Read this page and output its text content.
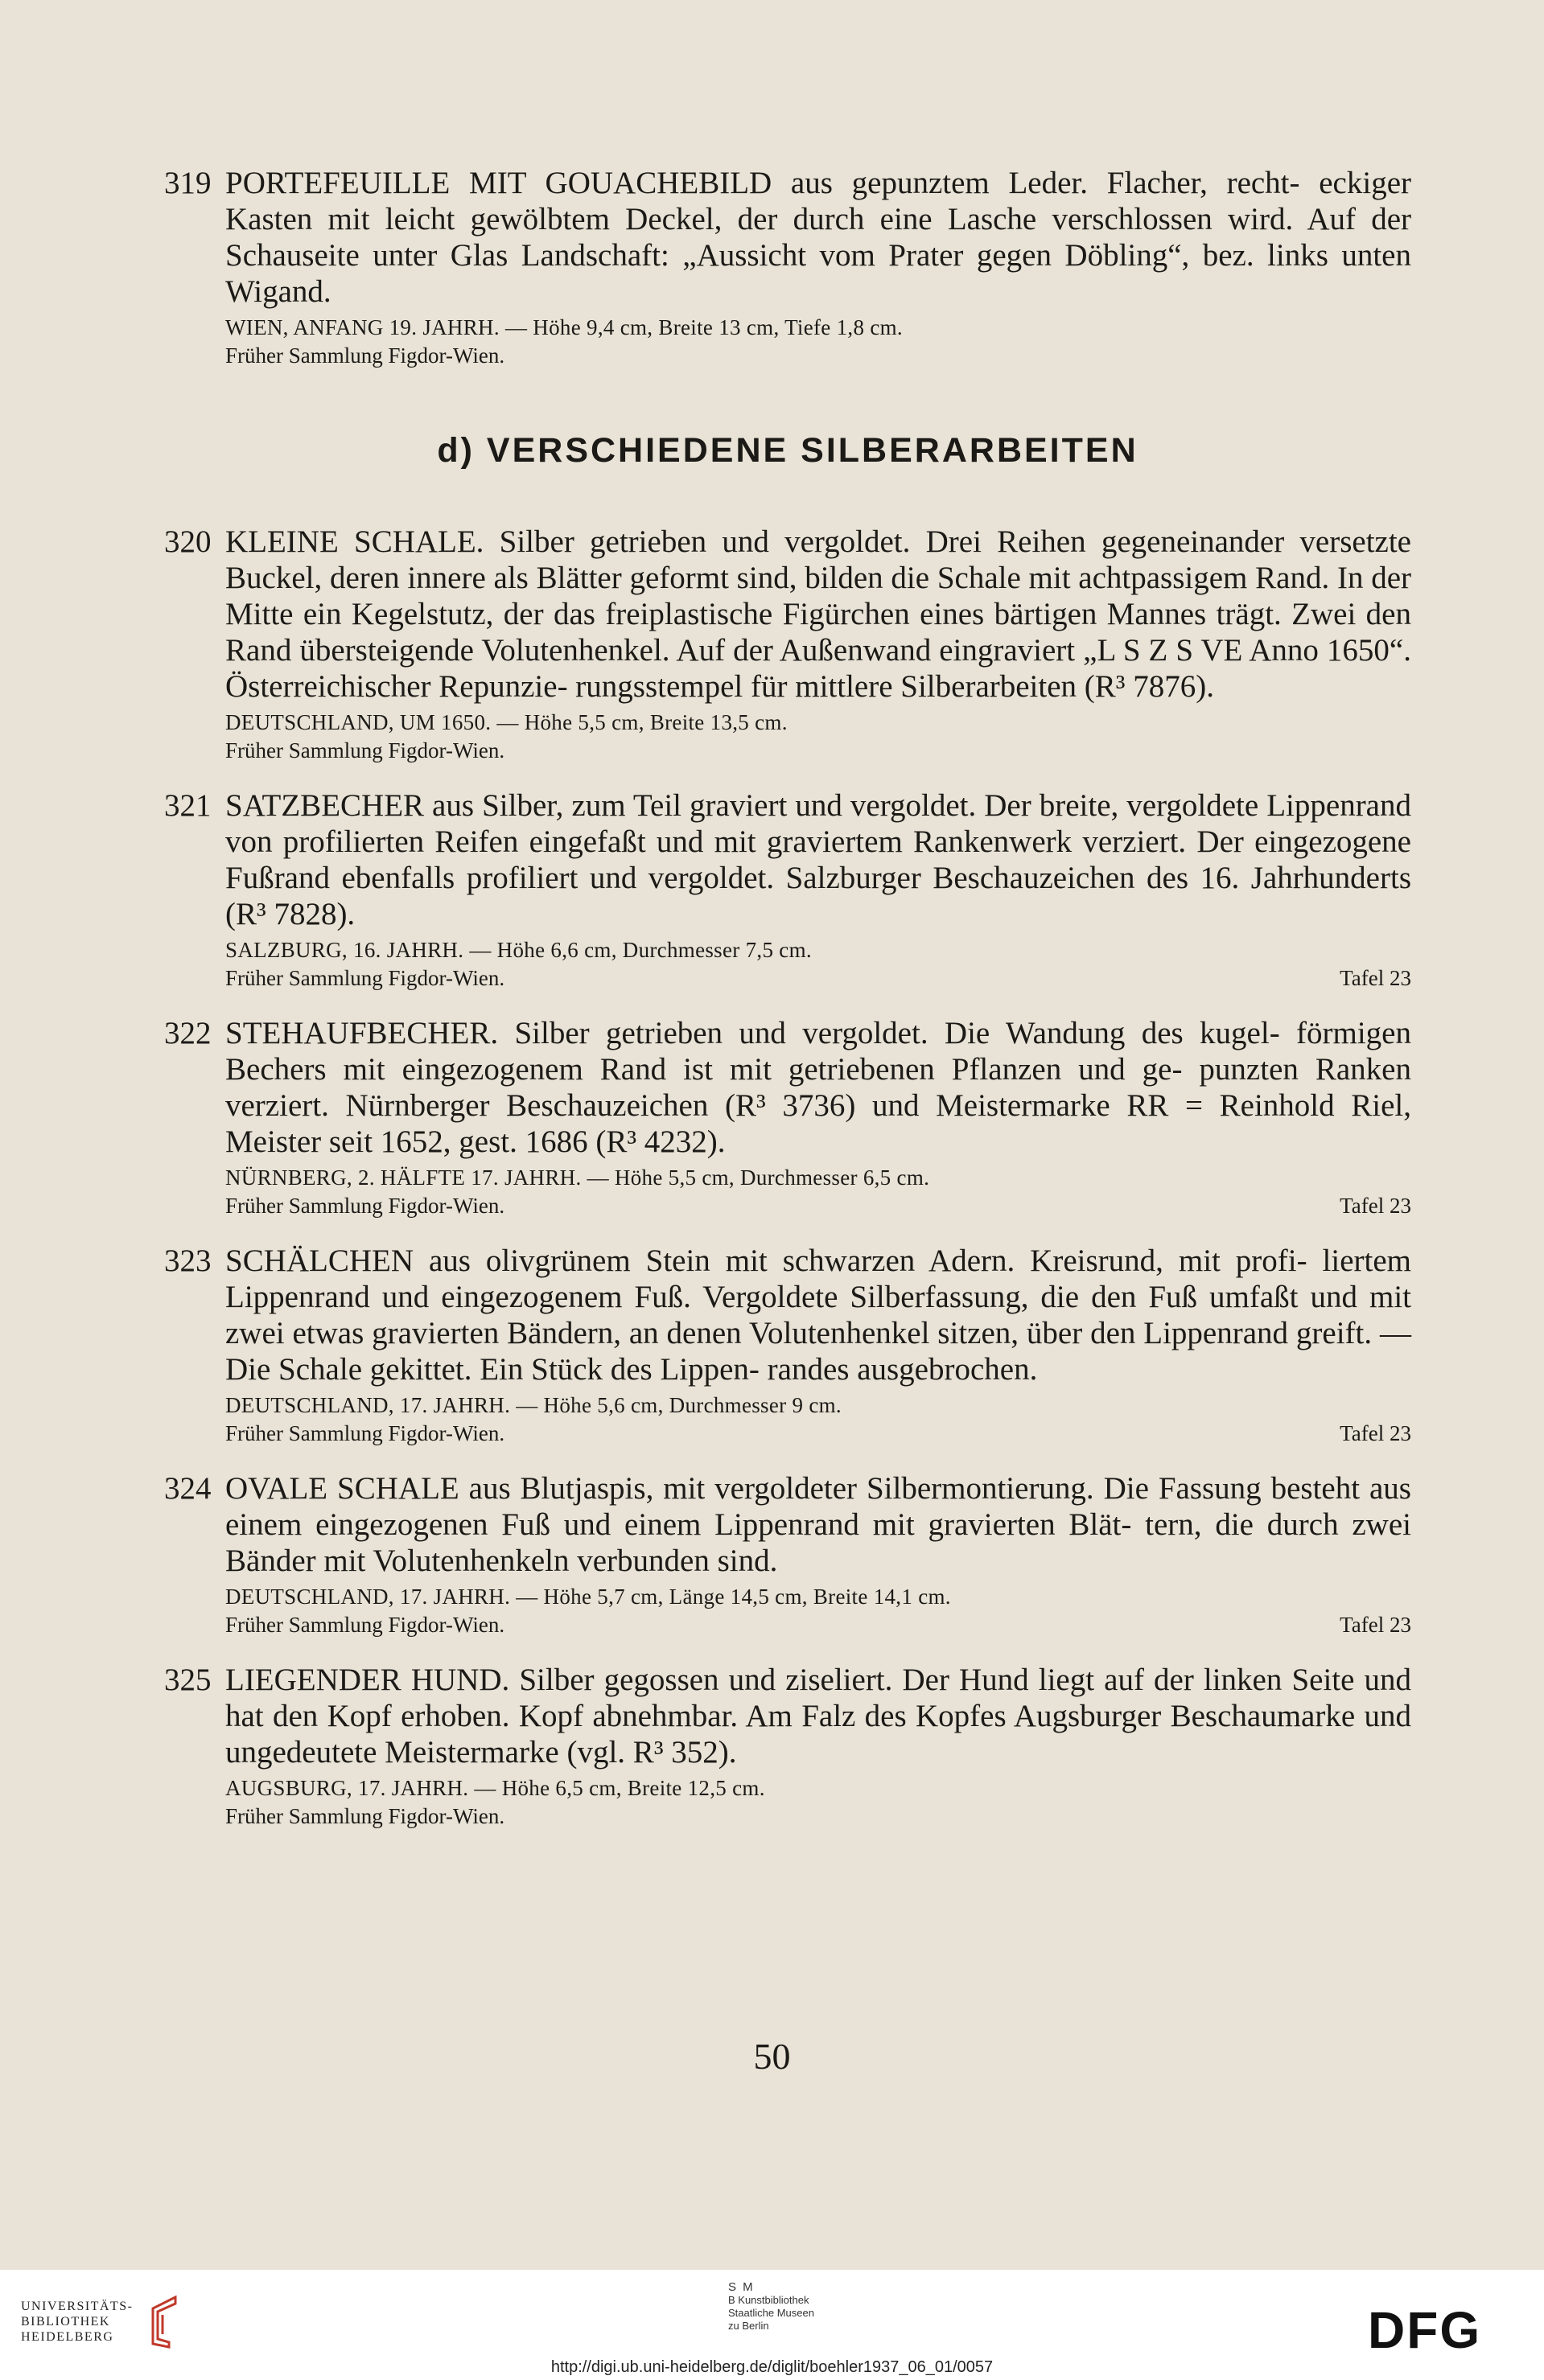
319 PORTEFEUILLE MIT GOUACHEBILD aus gepunztem Leder. Flacher, recht- eckiger Kasten mit leicht gewölbtem Deckel, der durch eine Lasche verschlossen wird. Auf der Schauseite unter Glas Landschaft: „Aussicht vom Prater gegen Döbling“, bez. links unten Wigand.

WIEN, ANFANG 19. JAHRH. — Höhe 9,4 cm, Breite 13 cm, Tiefe 1,8 cm.
Früher Sammlung Figdor-Wien.
d) VERSCHIEDENE SILBERARBEITEN
320 KLEINE SCHALE. Silber getrieben und vergoldet. Drei Reihen gegeneinander versetzte Buckel, deren innere als Blätter geformt sind, bilden die Schale mit achtpassigem Rand. In der Mitte ein Kegelstutz, der das freiplastische Figürchen eines bärtigen Mannes trägt. Zwei den Rand übersteigende Volutenhenkel. Auf der Außenwand eingraviert „L S Z S VE Anno 1650“. Österreichischer Repunzie- rungsstempel für mittlere Silberarbeiten (R³ 7876).

DEUTSCHLAND, UM 1650. — Höhe 5,5 cm, Breite 13,5 cm.
Früher Sammlung Figdor-Wien.
321 SATZBECHER aus Silber, zum Teil graviert und vergoldet. Der breite, vergoldete Lippenrand von profilierten Reifen eingefaßt und mit graviertem Rankenwerk verziert. Der eingezogene Fußrand ebenfalls profiliert und vergoldet. Salzburger Beschauzeichen des 16. Jahrhunderts (R³ 7828).

SALZBURG, 16. JAHRH. — Höhe 6,6 cm, Durchmesser 7,5 cm.
Früher Sammlung Figdor-Wien.	Tafel 23
322 STEHAUFBECHER. Silber getrieben und vergoldet. Die Wandung des kugel- förmigen Bechers mit eingezogenem Rand ist mit getriebenen Pflanzen und ge- punzten Ranken verziert. Nürnberger Beschauzeichen (R³ 3736) und Meistermarke RR = Reinhold Riel, Meister seit 1652, gest. 1686 (R³ 4232).

NÜRNBERG, 2. HÄLFTE 17. JAHRH. — Höhe 5,5 cm, Durchmesser 6,5 cm.
Früher Sammlung Figdor-Wien.	Tafel 23
323 SCHÄLCHEN aus olivgrünem Stein mit schwarzen Adern. Kreisrund, mit profi- liertem Lippenrand und eingezogenem Fuß. Vergoldete Silberfassung, die den Fuß umfaßt und mit zwei etwas gravierten Bändern, an denen Volutenhenkel sitzen, über den Lippenrand greift. — Die Schale gekittet. Ein Stück des Lippen- randes ausgebrochen.

DEUTSCHLAND, 17. JAHRH. — Höhe 5,6 cm, Durchmesser 9 cm.
Früher Sammlung Figdor-Wien.	Tafel 23
324 OVALE SCHALE aus Blutjaspis, mit vergoldeter Silbermontierung. Die Fassung besteht aus einem eingezogenen Fuß und einem Lippenrand mit gravierten Blät- tern, die durch zwei Bänder mit Volutenhenkeln verbunden sind.

DEUTSCHLAND, 17. JAHRH. — Höhe 5,7 cm, Länge 14,5 cm, Breite 14,1 cm.
Früher Sammlung Figdor-Wien.	Tafel 23
325 LIEGENDER HUND. Silber gegossen und ziseliert. Der Hund liegt auf der linken Seite und hat den Kopf erhoben. Kopf abnehmbar. Am Falz des Kopfes Augsburger Beschaumarke und ungedeutete Meistermarke (vgl. R³ 352).

AUGSBURG, 17. JAHRH. — Höhe 6,5 cm, Breite 12,5 cm.
Früher Sammlung Figdor-Wien.
50
UNIVERSITÄTS-
BIBLIOTHEK
HEIDELBERG
S M
B Kunstbibliothek
Staatliche Museen
zu Berlin	DFG
http://digi.ub.uni-heidelberg.de/diglit/boehler1937_06_01/0057
